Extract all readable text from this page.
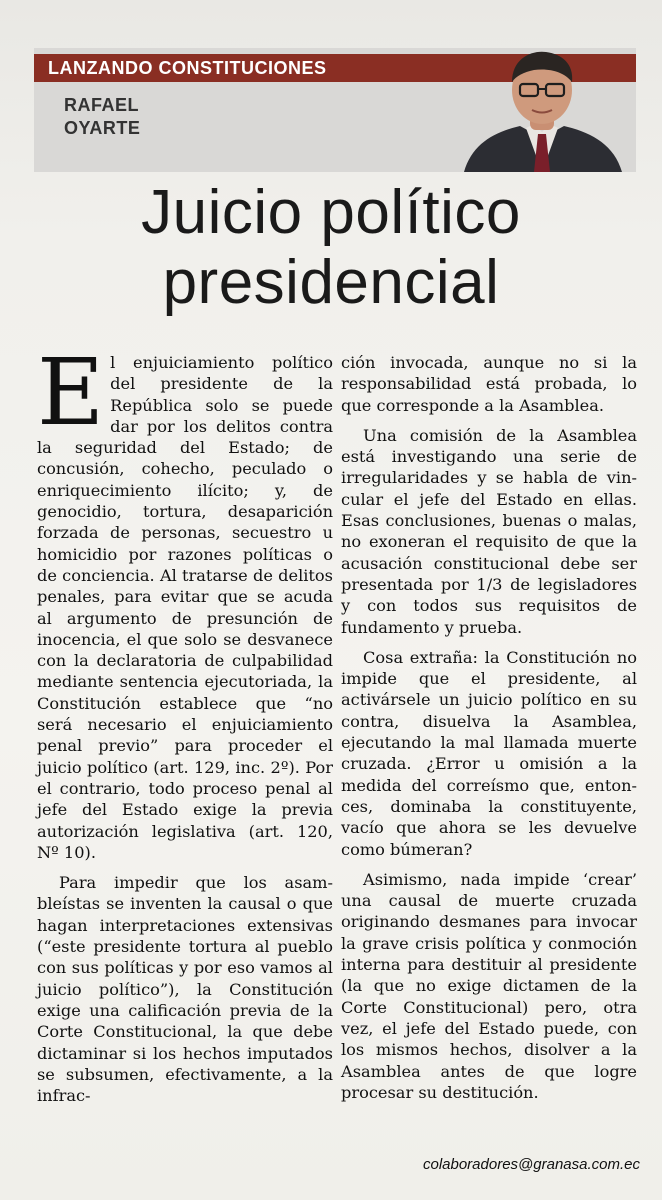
LANZANDO CONSTITUCIONES
RAFAEL
OYARTE
Juicio político
presidencial

El enjuiciamiento político del presidente de la República solo se puede dar por los delitos contra la seguridad del Estado; de concusión, cohecho, peculado o enriquecimiento ilícito; y, de genocidio, tortura, desaparición forzada de personas, secuestro u homicidio por razones políticas o de conciencia. Al tratarse de delitos penales, para evitar que se acuda al argumento de presunción de inocencia, el que solo se desvanece con la declaratoria de culpabilidad mediante sentencia ejecutoriada, la Constitución establece que “no será necesario el enjuiciamiento penal previo” para proceder el juicio político (art. 129, inc. 2º). Por el contrario, todo proceso penal al jefe del Estado exige la previa autorización legislativa (art. 120, Nº 10).

Para impedir que los asambleístas se inventen la causal o que hagan interpretaciones extensivas (“este presidente tortura al pueblo con sus políticas y por eso vamos al juicio político”), la Constitución exige una calificación previa de la Corte Constitucional, la que debe dictaminar si los hechos imputados se subsumen, efectivamente, a la infrac-

ción invocada, aunque no si la responsabilidad está probada, lo que corresponde a la Asamblea.

Una comisión de la Asamblea está investigando una serie de irregularidades y se habla de vincular el jefe del Estado en ellas. Esas conclusiones, buenas o malas, no exoneran el requisito de que la acusación constitucional debe ser presentada por 1/3 de legisladores y con todos sus requisitos de fundamento y prueba.

Cosa extraña: la Constitución no impide que el presidente, al activársele un juicio político en su contra, disuelva la Asamblea, ejecutando la mal llamada muerte cruzada. ¿Error u omisión a la medida del correísmo que, entonces, dominaba la constituyente, vacío que ahora se les devuelve como búmeran?

Asimismo, nada impide ‘crear’ una causal de muerte cruzada originando desmanes para invocar la grave crisis política y conmoción interna para destituir al presidente (la que no exige dictamen de la Corte Constitucional) pero, otra vez, el jefe del Estado puede, con los mismos hechos, disolver a la Asamblea antes de que logre procesar su destitución.

colaboradores@granasa.com.ec
